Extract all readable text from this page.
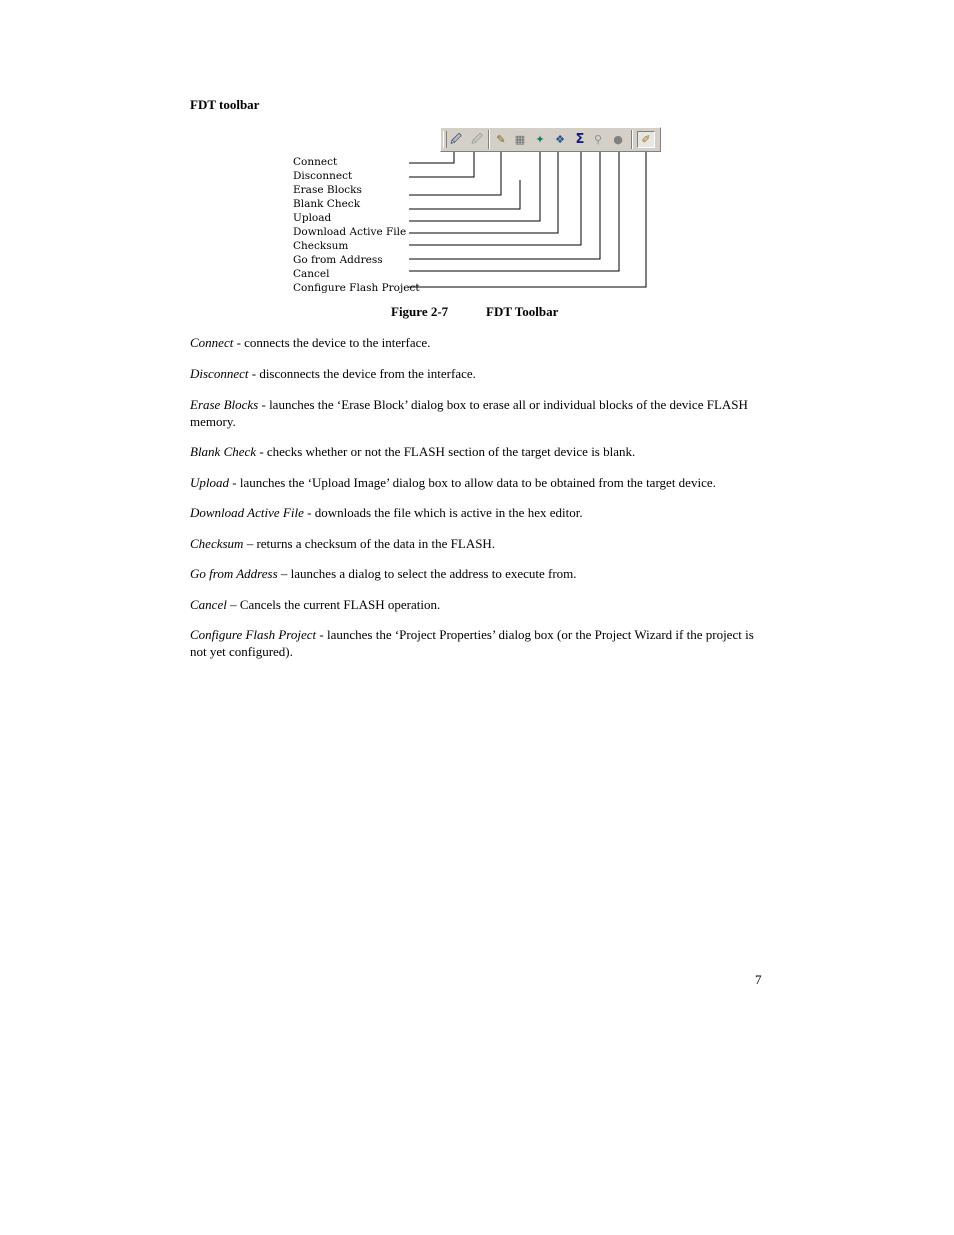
FDT toolbar
🖉 🖉 ✎ ▦ ✦ ❖ Σ ⚲ ● ✐
Connect
Disconnect
Erase Blocks
Blank Check
Upload
Download Active File
Checksum
Go from Address
Cancel
Configure Flash Project
Figure 2-7	FDT Toolbar
Connect - connects the device to the interface.
Disconnect - disconnects the device from the interface.
Erase Blocks - launches the ‘Erase Block’ dialog box to erase all or individual blocks of the device FLASH memory.
Blank Check - checks whether or not the FLASH section of the target device is blank.
Upload - launches the ‘Upload Image’ dialog box to allow data to be obtained from the target device.
Download Active File - downloads the file which is active in the hex editor.
Checksum – returns a checksum of the data in the FLASH.
Go from Address – launches a dialog to select the address to execute from.
Cancel – Cancels the current FLASH operation.
Configure Flash Project - launches the ‘Project Properties’ dialog box (or the Project Wizard if the project is not yet configured).
7
